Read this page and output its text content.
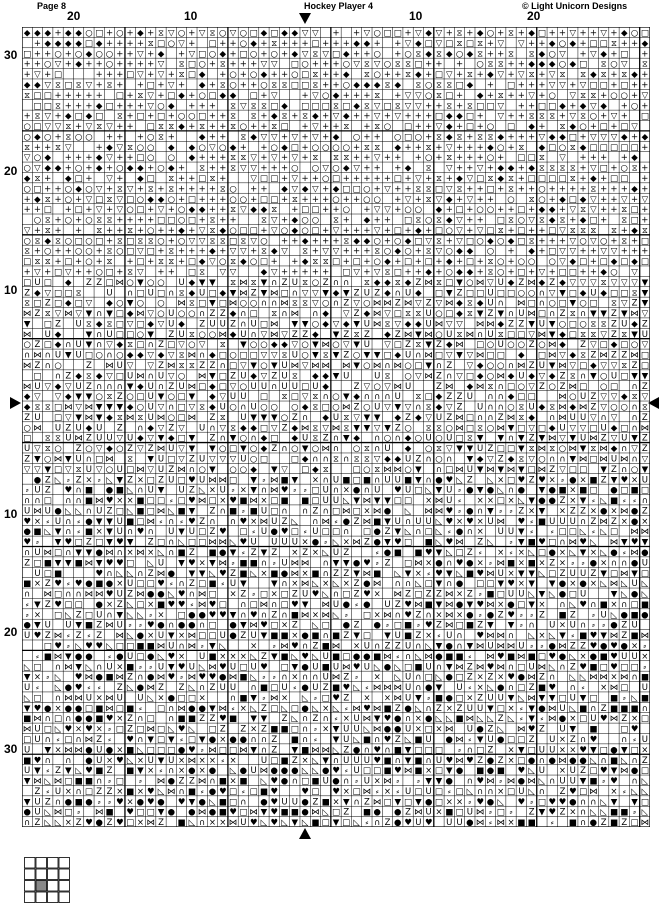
Page 8	Hockey Player 4	© Light Unicorn Designs
20	10	10	20
30
20
10
10
20
30
◆ ◆ ◆ + ◆ ◆ ○ □ + ○ + ◆ + ⧖ ▽ ○ + ▽ ⧖ ○ ▽ ○ □ ◆ □ ◆ ◆ ▽ ▽ + + ▽ ○ □ □ + ▽ ◆ ▽ + ⧖ + ◆ ○ + ⧖ + ◆ □ + + ▽ + + ▽ + ◆ ○ □
+ ◆ ◆ ◆ ◆ □ ◆ + + + + ⧖ □ ○ ▽ + □ + + ○ ◆ + ⧖ + + + □ + + + ◆ ◆ + + ▽ ◆ □ ▽ □ ⧖ □ ⧖ + ▽ ▽ + + ◆ ○ ◆ + □ □ ⧖ + + ◆
□ + + ○ + ○ ◆ ○ ○ + + ▽ + ◆ + ▽ □ ○ ◆ + □ ○ + ○ + ◆ ▽ ⧖ ▽ □ ◆ + + ○ + ○ ⧖ ◆ ⧖ ◆ ○ ◆ ⧖ + + ⧖ ⧖ ◆ ○ ▽ + ▽ ◆ + □ +
+ + ○ ▽ + ◆ + + ○ + + + + ▽ ⧖ □ ○ + ⧖ + + + ▽ ▽ □ ○ + + + ○ ▽ ⧖ ▽ ○ ⧖ ⧖ □ + + + ○ ⧖ ⧖ + + ◆ ◆ ◆ ○ ◆ □ ⧖ ○ ▽ ⧖
+ ▽ + □	+ + + □ ▽ + ▽ + ⧖ □ ◆ + ○ + ○ ◆ + + ○ □ ⧖ + + ◆ ⧖ ○ + + ⧖ ◆ + □ ▽ + ⧖ + ◆ ▽ + ▽ ⧖ + ▽ ⧖ ⧖ ◆ ⧖ + ⧖ ◆ +
◆ ◆ ▽ ⧖ □ ⧖ ▽ + ⧖ + + □ + ▽ + ◆ + ⧖ ○ + + ○ ⧖ ⧖ □ □ ⧖ + + ○ ◆ ◆ ◆ ⧖ ◆ ⧖ ○ ⧖ ⧖ □ ◆ + □ + + + ▽ ▽ + ▽ □ □ + □ + +
⧖ □ □ + + + + + □ + ⧖ ▽ + □ ◆ + ○ □ ◆ ◆ □ + ▽	+ ▽ ○ ◆ + + + ⧖ + ▽ ▽ ○ ⧖ □ + ◆ + ⧖ + + ▽ + ○ ▽ ⧖ ⧖ + ○ ○ + ▽
□ □ ⧖ + + + ◆ □ + + + ▽ ○ ◆ + + + ⧖ ▽ ⧖ ⧖ □ ◆ □ □ □ ⧖ □ ◆ ⧖ ▽ □ ⧖ ▽ ▽ + + ⧖ + ⧖ □ □ ▽ + + □ □ ◆ + ◆ ▽ ◆ + ○ +
+ ⧖ ▽ + ◆ □ ◆ □ ⧖ + □ + □ + ○ ○ □ + + ⧖ ⧖ + ◆ ⧖ + ⧖ ◆ + ▽ ◆ + + ▽ + ▽ + + + □ ◆ ◆ □ + ▽ + + ⧖ ⧖ ⧖ + ▽ ⧖ ○ + ▽ + □
○ □ ▽ ▽ ⧖ + ▽ ⧖ ▽ + + □ ⧖ ⧖ ◆ + ⧖ + + ⧖ ○ + + ⧖ □ + ▽ + + ⧖ + ⧖ ○ □ + + ▽ ◆ + □ + ○ □ ◆ + ⧖ ◆ ○ + □ + □ ▽
○ ◆ ○ + ⧖ ○ ○ + + + ○ ⧖ +	◆ + + ⧖ ◆ ▽ ▽ + ▽ + ▽ + ◆ ○ + + ○ □ ○ + ⧖ ◆ ⧖ + ⧖ ⧖ ◆ + + + ▽ ◆ ◆ □ + ▽ ▽ ▽ ◆ + ◆
⧖ + + ⧖ ▽	+ ◆ ▽ ⧖ ○ ○ ◆ ◆ ○ ▽ ○ ◆ + + ○ ◆ □ + ○ ○ ○ ○ + ⧖ ⧖ ◆ + + ⧖ + ▽ + + + ◆ ○ + ⧖ ◆ □ ○ ⧖ ◆ □ □ □ □ □ +
▽ ○ ◆ + + + ◆ ▽ + + □ ○ ○ ◆ + + + ⧖ ⧖ ▽ + ▽ + ▽ + ⧖ ⧖ ⧖ + + ▽ + + + ○ + ⧖ + + + ○ + □ □ ⧖ ▽ + + + + ◆
○ ▽ ◆ ◆ + ○ + ◆ + ○ ◆ ◆ + ○ ◆ + ⧖ + + ⧖ ▽ ▽ + + + ○ ○ ▽ ○ ◆ ▽ + + + ◆ ⧖ ▽ + + ▽ + ◆ ◆ + ◆ ⧖ ⧖ ⧖ ⧖ + ▽ □ + ○ ⧖ +
◆ ⧖ + ◆ □ + ▽ + ◆ □ ⧖ + + □ ⧖ +	▽ □ □ + ▽ + + ○ □ + + + + + □ + ▽ + ⧖ + ◆ ▽ □ ⧖ ◆ ⧖ + □ □ □ □ ⧖ + ◆ + □ □ +
○ □ + + ○ ◆ ○ ▽ + ⧖ ▽ + ⧖ + ⧖ + + + + ⧖ ○ + + ◆ ▽ ◆ ▽ + ◆ □ □ ○ + ▽ + + ⧖ ⧖ □ ▽ ⧖ + + □ + ⧖ + + ○ + + + + ⧖ + + + ◆ +
+ ◆ ⧖ + ○ + ▽ □ ⧖ ▽ □ ○ ◆ ◆ ○ + □ + + + ○ ○ + □ □ + ⧖ + + + ○ + + ○ ○ + ▽ + ⧖ ▽ ◆ + ▽ + + ○ ⧖ ○ + ◆ □ ◆ ▽ + + ▽ + ▽
+ + □ + □ + ▽ + ▽ ○ □ + ▽ + ○ ◆ ◆ + + ⧖ ▽ ◆ ◆ ⧖ + □ □ + + ○ + ▽ ▽ + ○ ○ ◆ + □ + ○ ○ + + □ + ◆ ◆ + ▽ ⧖ ▽ + + ⧖ □ +
○ ⧖ + ○ + ○ ⧖ ⧖ + + + + □ □ ○ □ + ⧖ + +	⧖ ▽ + ◆ ○ ○ ⧖ + ◆ + + □ ⧖ ○ ⧖ ◆ ▽ + + □ ⧖ ○ ▽ ⧖ ◆ ⧖ + ◆ □ + ⧖ □ +
▽ + ⧖ + + ⧖ + + ⧖ + ○ + + ◆ + ▽ ⧖ ◆ ○ □ □ + ▽ ○ ◆ ○ □ + ▽ + + + ▽ + □ + ◆ + □ ○ ▽ + ▽ □ ⧖ + □ + + □ ▽ ⧖ ⧖ ⧖ ⧖ + ◆ ⧖
○ ⧖ ◆ ⧖ ○ □ ○ □ + ⧖ □ ⧖ ⧖ ○ + ○ ▽ ▽ ⧖ ⧖ □ ⧖ ▽ ○ + + ◆ + + + ⧖ ◆ ◆ ○ + ○ ◆ □ ▽ ⧖ + ▽ □ ○ ◆ ○ ◆ □ ⧖ + + + ▽ ○ ▽ ○ + ⧖ + □
⧖ + ○ + + ○ ○ + ⧖ ○ □ ▽ □ + ⧖ + + + ◆ + ▽ ▽ + ⧖ ◆ ▽ ⧖ + ▽ ▽ + + + ⧖ ○ ◆ ○ + ⧖ ▽ ○ ◆ ◆ ○ + ◆ + □ ▽ ▽ + + ▽ ▽ + + +
□ ⧖ ⧖ + □ + ○ + ⧖ + □ + ⧖ ⧖ + □ ◆ ▽ ○ ⧖ ◆ ○ □ + + ◆ ⧖ ⧖ □ + □ + ○ ◆ + □ + □ + ◆ + □ + ⧖ ○ + ○ ○ ○ ▽ ◆ □ + □ ◆ □ ◆ □
+ ▽ + □ ▽ + + ○ □ + ⧖ ▽ + + □ ⧖ ▽ ▽	◆ ▽ + + + + + □ ▽ + ▽ ⧖ □ + + ◆ + ○ ◆ ◆ + ⧖ ○ + □ + ▽ + □ □ + + ◆ ○ ▽
□ U □ ◆ Z Z □ ⋈ ○ ▼ ○ ○ U ◆ ▼ ▼ ⧖ ⋈ ⧖ ▼ ∩ Z U ⧖ ○ Z ∩ ∩ ⧖ ◆ ◆ ⧖ ◆ Z ⋈ ⧖ □ ▼ ○ ⋈ ▽ U ◆ Z ⋈ ◆ Z ◆ ▽ ▽ ▽ ⧖ ▽ ▽ ▽ ▼
Z ◆ ▽ □ □ ⧖	U ∩ □ U □ ∩ ⧖ ◆ U □ ◆ ▼ ⋈ Z ▼ ⋈ □ ∩ ▽ ▽ ▼ ◆ ▼ Z U Z ◆ ∩ U ◆ □ ▼ Z □ □ U □ □ ○ ○ ∩ ▽ ▼ □ ◆ U ◆ □ □ ⧖ ▼
⧖ □ Z □ ◆ □ ▽ ◆ ○ ▼ ○ ○ ⋈ ⧖ □ ▼ □ ⋈ ○ ○ ∩ ∩ ⋈ ⧖ ⧖ ▽ ○ ∩ Z ▽ ○ ⋈ ⋈ Z ⋈ ▽ Z ▽ ⋈ ◆ ⧖ ◆ U ∩ ⋈ □ ∩ ○ □ ▼ ○ □ ⧖ ▽ Z ▼
⋈ Z ⧖ ▽ ⋈ ▽ ▼ ∩ ▼ □ ◆ ⋈ ▽ ○ U ○ ○ ∩ Z Z ◆ ∩ □ ⧖ ∩ ⋈ ∩ ◆ ▽ Z ◆ ⋈ ▽ □ ⧖ ⧖ U ○ □ ◆ ⧖ ▼ Z ▼ ∩ U ⋈ □ ∩ Z ⧖ ∩ ▼ ▼ Z ▼ ⋈ ▽
▼ □ Z U ⧖ ◆ ⧖ □ ▽ □ ◆ ▽ U ◆ Z U U Z ∩ U □ ⋈ ▼ ▼ ○ ◆ ▽ ◆ ▼ U ⋈ ⧖ ▽ ◆ ◆ U ⋈ ▽ ▽ ⋈ ⋈ ◆ Z Z ▼ U ▼ ○ □ ○ ⧖ ⧖ Z U ◆ Z
⋈ U ◆	▼ ∩ U □ □ ○ ▼ Z U ⧖ ○ ○ ⋈ ◆ U ∩ ▽ ⋈ ▽ Z Z ◆ ▼ Z ⧖ Z ◆ Z ⋈ ▼ ⋈ ○ U ⧖ ⋈ ∩ U ⧖ □ □ ▽ ⋈ ▼ ◆ □ ⧖ ⧖ ▽ Z ⧖ ▼ U
○ Z □ ◆ ∩ U ▼ ∩ ▽ ◆ ⧖ □ ∩ Z □ ▽ ○ ▽ ⧖ ▼ ○ ○ ◆ ◆ ▽ ○ ▼ ⋈ ○ ▽ ▼ U ▽ □ Z ⧖ ▼ Z ◆ ⋈ □ ○ U ○ ○ Z ○ ⋈ ◆ Z ▽ □ ◆ □ ○ ▽
∩ ⋈ ∩ U ▼ U □ ○ ∩ ○ ◆ ◆ ▽ ◆ ▽ ⧖ ⋈ ∩ ◆ □ ○ □ □ ▽ ▽ ⧖ U ○ ▼ ⧖ ▼ Z ○ ▼ ▼ □ ◆ U ∩ ⋈ □ ▽ ▼ ▽ ⋈ □ □ ◆ □ ⋈ ▽ ◆ ⧖ Z ⋈ Z Z ⋈ □
⋈ Z ∩ ○	Z ⋈ U ▽ ▽ Z ⋈ ⧖ ⧖ Z Z ∩ □ ▽ ▼ ○ ▼ U ⋈ ▽ ⋈ ⋈ ⋈ ▼ ○ ⋈ ∩ ⋈ ○ □ ▼ ∩ Z ▽ ◆ ○ ○ ∩ ⋈ Z U ▼ ⋈ ▽ □ ◆ ▽ ▽ ⧖ Z □
□ ∩ Z ◆ ⧖ ◆ ▽ □ U ⋈ ∩ U ▽ ○ ⋈ ▼ □ Z U ◆ ▽ Z U ⧖ ◆ ◆ ▼ U	U ⧖ ○ ▽ ⋈ Z ∩ ▽ □ ◆ ○ ⋈ ◆ U ◆ ▽ ◆ Z ⧖ ∩ ▼ ○ U □ ▼ ▼
⋈ U ▽ ◆ ▽ U Z ∩ ∩ ∩ ▼ ◆ U ∩ Z U ⋈ □ ◆ □ ▽ ○ U U ∩ U U □ U ◆	Z ▽ ○ ▽ ⋈ U	Z ⋈ ◆ ⋈ ⧖ ∩ □ ○ ▽ Z ○ Z ⋈ □ ○ □ ∩ Z
◆ ▽ ▽ ◆ ▼ ▼ ○ ⧖ Z ○ □ U ▼ ○ □ ▼ ◆ ▽ U U □ ⧖ □ ▽ ⧖ ∩ ○ ▼ ◆ ∩ ∩ ∩ U ⧖ □ ◆ Z Z U ∩ ∩ ◆ □ □	⋈ ○ U Z ▽ ▽ ◆ ⧖ ▽
◆ ⧖ ⧖ □ ⋈ ▽ ⋈ ▼ ▼ ▼ ◆ ○ U ▽ ∩ □ ▽ ⧖ ◆ U ○ ∩ U ○ ○ ○ ◆ ⧖ □ ○ ⋈ Z ○ U ▽ ▼ ▽ ∩ ⧖ ◆ ▽ Z U ∩ ∩ ○ ⧖ U ◆ ⧖ ⋈ ◆ ⋈ Z ▽ ○ ○ ∩ ⧖
Z U □ ▽ ▼ ⋈ ▼ ◆ ⧖ ⋈ ⧖ U ⋈ ○ □ ⋈ Z ⧖ U ▼ ▼ ▼ ○ Z ∩ ◆ U ⧖ ▽ ▼ ▼ ◆ Z ◆ ▽ U Z ⋈ □ ∩ ∩ Z ⋈ ⧖ ◆ ∩ ⋈ U U ▽ ∩ ▽ ∩ Z
○ ⋈ U Z U ◆ U Z ∩ ◆ ▽ Z ▽ U ∩ ▽ ⧖ ◆ ◆ □ ▽ Z ◆ ⋈ ⧖ ▽ ⋈ ⧖ ▼ ▼ ▽ ▼ Z ○ ⧖ ⧖ ○ ⋈ □ ⧖ ○ ⋈ ▼ □ ▽ □ ◆ U ▽ ▽ □ U ◆ □ ∩ ⋈
□ ⧖ ⧖ U ⋈ Z U U ▽ U ◆ ▽ ▼ ◆ □ ▼ Z ∩ ▼ ○ ∩ ◆ □ ◆ U ⧖ Z ∩ ▼ ◆ ∩ ○ ∩ ◆ ○ U ○ U □ ⧖ ▼ ▼ ∩ ▼ Z ▼ ⋈ ▽ ▼ U ⋈ Z ▽ U ▼ Z
U ▽ ⧖ ○ Z ○ ▽ ◆ ○ Z ▽ Z ⋈ U ▽ ▼ ▼ ○ □ ▼ ○ ◆ Z ∩ ○ ▼ ○ ⋈ ∩ ○ ⧖ ∩ U ◆ ○ ⧖ ▽ ▼ ▼ U Z □ □ ▼ ⧖ ⋈ ⧖ ○ ⋈ ▼ ⧖ ⋈ ◆ ∩ ▽ Z
Z ▼ ○ ⋈ ▼ U ∩ □ ⋈ ⧖ ▼ U □ ▽ Z U ▽ ▽ ▽ U ○ □	□ ◆ ∩ ∩ ⧖ ∩ ⧖ ⧖ ▽ ◆ ◆ U Z ∩ ○ ∩ ▼ ◆ ▽ Z ◆ ⧖ ▽ ○ ∩ ∩ ▼ ⋈ □ ⋈ U ⋈ ∩ ▽
▽ ▽ ▼ □ ▽ ⧖ U ▽ ○ U □ ⋈ ▽ U Z ⋈ ∩ ○ ▼ ○ ○ ◆ ▼ ▽ □ ◆ ⧖	□ ○ ⧖ ⋈ ⋈ ○ ▼ ∩ □ ⋈ U ▼ ⋈ ▼ ⋈ ▼ □ ⋈ Z ▽ □ □ ▼ Z ∩ ○ ▼
● Z ◺ ⸗ Z × ⸗ ◺ ▼ Z × □ Z U □ ♥ U ⋈ ⋈ □ ▼ ⸗ ⋈ ■ ▼ × ∩ U ■ □ ■ ∩ U U ■ ▼ ∩ ● ♥ ◺ Z ◺ × □ ♥ Z ♥ × ⸗ ● × ■ Z ▼ ♥ × U
⸗ U Z ♥ ∩ ■ ● ■ ◺ ∩ U ▼ U Z ◺ × U ⸗ × ▼ ∩ ⋈ ♥ ⸗ ⸗ □ U ∩ × ● ∩ U ♥ U □ ◺ ▼ U ⸗ ● ▼ ● ◺ ∩ ● ▼ ● ■ × ■ □ ● □ ■ □
∩ ∩ □ ∩ ∩ ■ ⋈ ♥ × × ■ □ □ ⸗ □ ♥ ⋈ □ × ♥ ■ ⋈ × □ ■ ■ □ U U ◺ ▼ ⋈ ▼ ▼ □ □ × ⋈ U ⸗ × × □ × ◺ ▼ ● ● Z × ▼ ⸗ ◺ ■ ⸗ ⸗ ∩
U ⋈ U ● ◺ ◺ ∩ U Z □ ◺ ■ □ ⋈ ◺ ■ ▼ Z ∩ ■ ⸗ ■ U □ ∩ ∩ Z ∩ □ ⋈ □ × ⋈ ● ◺ ⋈ ⋈ ♥ ⸗ ● ∩ ▼ ⸗ ⸗ Z × ▼ × Z Z × ● × ⋈ ● Z
♥ × ⸗ U ∩ ⸗ ● ▼ ▼ U ■ □ ⋈ ⸗ ∩ ⸗ ♥ Z ∩ ∩ ♥ × ⋈ U Z ◺ ∩ ⋈ ⸗ ● Z ⋈ ■ ▼ U ∩ U U ◺ ♥ × ♥ × U ⋈ ♥ ⸗ ■ U U U ∩ Z ⋈ Z × ● ×
● ■ ◺ ▼ ∩ ⸗ ■ × ▼ U ∩ ♥ ∩ U ▼ U □ Z ♥ □ ⸗ U ● ♥ □ ⸗ U □ □ ∩ □ ● Z ▼ ◺ ∩ □ ◺ ⸗ ● ∩ × U U ▼ ⸗ ⸗ □ □ ◺ ⸗ ◺ □ ⋈ ⋈
♥ ⸗ ▼ ♥ □ Z □ ▼ ♥ ▼ Z □ ∩ ◺ □ □ ⋈ ⋈ ◺ ♥ U U U U × ● ⸗ ◺ × ⋈ Z ● ▼ ♥ □ ■ ◺ ♥ ⋈ Z ◺ ⸗ ▼ ■ ♥ □ ∩ ⋈ ♥ ◺ ⋈ ▼ ♥ ▼
∩ U ⋈ □ ∩ ▼ ▼ ● ⋈ ∩ × ⋈ × ◺ ∩ ■ Z ■ ● ▼ ⸗ Z ▼ Z × Z × ◺ U Z	⸗ ● ■ ■ ♥ ▼ ◺ □ Z ⸗ × ⸗ × ◺ □ ● × ◺ ▼ × ◺ ● ⸗ ⋈ ●
Z □ ■ ▼ ▼ ■ ⋈ ▼ ♥ ♥ □ ◺ U ▼ ♥ × ▼ ⋈ ⸗ ■ ■ ∩ ⸗ U ⋈ ⋈ ∩ ▼ ▼ ● ♥ ⸗ Z □ ⋈ × ● ∩ ♥ ● × ⸗ ⋈ ■ × ■ × Z × ⸗ ⸗ ● × ∩ ∩ ● U
U □ ■	♥ ∩ ◺ ◺ ∩ Z ⋈ ● ▼ ▼ ◺ ♥ Z ■ ◺ × ■ ● ⋈ × ■ ∩ Z Z ▼ ⋈ ■ ◺ ▼ × ⸗ ♥ ▼ ◺ ■ ♥ ⋈ U × ▼ ▼ ◺ □ Z U U Z ▼ □ ⋈ ▼ □
■ × Z ♥ ⸗ ♥ ● ■ ● × U □ □ ♥ ⸗ ∩ Z □ ■ ⸗ U ▼	▼ ∩ × ⋈ ◺ × ◺ × Z ● ⋈ ∩ ∩ ◺ □ ▼ ∩ ● □ □ ▼ ♥ × ▼ ▼ ● × ● × ◺ ⋈ ◺ U ◺
∩ ⋈ □ ∩ ∩ ⋈ ⋈ ♥ U Z ⋈ ● ● ◺ ♥ ∩ ⋈ □ × Z ⸗ □ × □ Z U ♥ ◺ ∩ □ Z ♥ × ⋈ Z □ Z Z ⋈ × Z ⸗ ■ □ U U ◺ ▼ ◺ ● □ U	▼ ◺ ● ◺
⸗ ▼ Z ♥ □ □ ● × Z ◺ □ × ■ ♥ ♥ ⸗ ⋈ ♥ □ ∩ □ ⋈ ∩ □ ♥ ▼ ⋈ U ● ⸗ ● U Z ♥ ⋈ ■ ▼ ⋈ ● ▼ ♥ ⋈ × ● □ ▼ × ∩ ◺ ♥ ∩ ■ × ∩ □ ■
⸗ × □ ◺ Z □ U ∩ ▼ ◺ ◺ ⸗ × □ ● ● ♥ ♥ ▼ ∩ ♥ ∩ Z ∩ ■ ⋈ × ⋈ ◺ ⸗ □ × ⋈ ∩ ♥ Z ∩ × ⋈ × ● ⸗ ● Z ♥ ⸗ ⸗ Z ■ Z ⸗ U ◺ ● ■ ●
● ▼ U U ▼ ■ Z ⋈ U ⸗ ⸗ ♥ ● ∩ ● ● ∩ □ ● ▼ ⋈ ♥ □ × Z ◺ □ ● Z ● ⸗ □ ■ ⸗ ♥ Z ⋈ □ ■ Z ▼ ▼ ⸗ ∩ U × U ∩ ⸗ ⸗ ● Z U
U ♥ Z ⋈ ⸗ Z ⸗ Z ⋈ ◺ ● × U ▼ × ⋈ □ □ U ● Z U ▼ ■ ■ × ● ■ ∩ ■ Z ▼ □ ▼ U ■ Z × ⸗ U ∩ ♥ ⋈ ⋈ ∩ ◺ × ◺ ▼ ⸗ ■ ♥ ▼ ⋈ Z ■ ⋈
□ ♥ ⸗ ◺ ♥ ♥ ◺ □ □ ■ ■ ⋈ U ∩ ⋈ ⸗ ▼ ◺	× ⸗ ⋈ ♥ ∩ Z ■ ⋈ × U ∩ Z Z U ∩ ◺ ▼ ● ∩ ▼ ⋈ U ⋈ ⋈ U ⸗ ⸗ ● ⋈ Z Z ♥ ● ♥ ● × ⸗
⸗ ■ ⋈ ▼ ● ● ⸗ ● U □ ● ◺ ♥ × U ■ × × × ◺ Z ▼ ■ ◺ ♥ ◺ U ■ □ ● ● ■ ⋈ ⸗ ∩ ◺ ⋈ ● ■ ■ ⸗ ⋈ ♥ ■ ⋈ ■ □ ♥ ● ◺ × ● ■ ♥ U U ×
◺ □ ∩ ⋈ ▼ ◺ ∩ U × ■ ⸗ ⸗ U ▼ ♥ U ◺ ⋈ ♥ U □ U ♥ □ ▼ ● U ■ U ⋈ ♥ U ◺ ● ◺ □ ■ U ∩ ▼ ⋈ Z ⋈ ♥ ⋈ ∩ □ U ⋈ ◺ ∩ Z ♥ ■ □ ♥ □ □ ⸗
▼ × ⸗ ◺ ♥ ⋈ ● ■ ⋈ Z ∩ ● ⋈ ♥ ⸗ ⋈ ♥ ♥ ● ⋈ ■ ◺ ⸗ ⸗ ∩ × ∩ ∩ U ⋈ Z ⸗ × ◺ U ∩ □ ◺ ● □ Z × Z × ♥ ● ⋈ Z ∩ ◺ ◺ ⋈ ⋈ × ⋈ ∩ ■
U ⸗ ◺ ● ♥ ⸗ ⸗ Z ◺ ● ⋈ Z Z ◺ ∩ Z U U ∩ ■ □ U ⸗ ● U Z ■ ♥ ◺ ⸗ ⋈ ⋈ ⋈ U ∩ ● ▼ U ⸗ × ◺ ● ∩ □ Z ■ ♥ ∩ ⸗ × ⋈ □ U
◺ □ ∩ ⋈ ⋈ U × ⋈ U U ◺ × ● □ □ ×	∩ ■ ▼ ⸗ ⋈ × ◺ ⸗ □ ♥ Z × × ⋈ U ▼ ⸗ ■ ● □ × Z U U ▼ ◺ ⋈ ▼ ▼ □ U ▼ □ ■ ⸗ ◺ ■
▼ ♥ ● × ● ● □ ■ ⋈ □ ■ ⸗ □ ∩ ⋈ ● ● ▼ ⋈ ⸗ × ◺ Z □ ◺ □ ● ◺ × ◺ ⸗ ⋈ ♥ ⋈ ■ Z ● ◺ ∩ Z × Z U U ▼ □ × ⸗ ▼ ● ⋈ U ◺ ■ ∩ Z ■ ■ ■ ∩
■ ⋈ ∩ □ ∩ ● ● ■ ♥ × Z ∩ □ ∩ ■ ■ Z Z ♥ ■ ▼ ▼ Z ◺ ∩ Z ∩ ⸗ × U ⋈ ▼ ♥ ● ∩ × ● ◺ ◺ ■ ⋈ ◺ ◺ Z ◺ ⸗ ▼ ⸗ ⋈ ● × □ U ♥ ⋈ Z × □
⋈ U □ ◺ ♥ × ♥ × ⸗ □ Z □ ⋈ □ ◺ ♥ ◺ □ Z Z × Z ■ ■ □ ∩ ⸗ × ▼ U U ◺ ⋈ ● ● U × □ × ⋈ U ● Z ◺ ⋈ ♥ Z U ▼ ■	□ ♥
□ U ∩ ⸗ □ ∩ ⋈ Z ⸗ ♥ ∩ ▼ □ ▼ ⸗ □ ▼ ● × ● ● ∩ ∩ Z ■ ∩ ⸗ ▼ U ◺ ■ ∩ ♥ Z ◺ ■ U ● ⋈ ⸗ ▼ U ● □ □ Z U × Z ∩ ♥	∩ ⸗ U
U ▼ × ⋈ ⋈ ● U ● × ■ ◺ □ □ □ ● ♥ ⸗ ⋈ □ □ ⋈ ▼ ∩ Z ▼ ■ ⋈ ⋈ ◺ Z ● ∩ ♥ ∩ ■ ▼ □ □ □ ⸗ ∩ □ Z × ▼ □ U U × × ♥ ▼ □ ● ▼ □ ×
■ ♥ ∩ ∩ ● U × ♥ ◺ × U ▼ U × ⋈ × × ⸗ ×	U □ ■ Z × ◺ ▼ ∩ U U U ♥ ■ ∩ ▼ ■ ∩ U ♥ ⋈ ♥ Z ● Z × □ ● ∩ ● ⋈ ● ● ◺ ∩ ■ ◺ ∩ Z
U ▼ ⸗ Z ▼ ◺ ♥ ■ Z ■ ▼ × ⸗ ∩ × ● × ● ◺ ● U ⋈ ● ● ● ◺ ◺ ● ♥ ⸗ U □ □ ■ ♥ ⋈ ■ × □ ▼ ● ■ ● ■ ♥ ◺ U × U Z □ ♥ ▼ ⋈ ● □
▼ ⋈ ◺ ⋈ □ ■ ■ ∩ ⸗ □ ⸗ ⋈ ● Z Z ⋈ ∩ ■ × ■ ◺ ♥ ● ∩ □ ■ U ● ∩ ⸗ U × ⋈ ⸗ ⸗ ▼ ▼ ● ∩ ♥ ⋈ ⸗ ⋈ ● ⋈ ◺ ∩ U U ▼ ■ ⸗ ♥ ∩ ◺
Z ⸗ U × ∩ □ Z Z × ■ × ♥ ◺ ⋈ ∩ ■ ⸗ ● ♥ □ ⸗ □ ■ ♥	♥ □ ♥ × □ ⋈ ⸗ × ⸗ U □ U □ ⸗ □ ◺ ∩ ∩ × □ U ◺ ∩ Z ♥ □ ⋈ × ⸗ ◺ ◺
▼ U Z ∩ ● ■ ● ⸗ ⸗ ♥ × ● ♥ ● ♥ ▼ ● ◺ ■ □ ∩ ● ♥ U U ● Z ■ × ▼ ∩ Z ⋈ □ ▼ □ ▼ ● □ × × ⸗ ♥ ● ◺ ♥ ⸗ □ ♥ ♥ ● ∩ ∩ ◺ ▼ ▼ □
● U ◺ ⋈ □ ⸗ ⋈ ■ ♥ □ □ ▼ ● ● ⋈ ● ■ ♥ □ ⋈ ▼ ♥ ■ ■ ● ⋈ ◺ □ Z ■ ● ● Z ⋈ U × ■ □ U ⋈ ⸗ □ ⸗ Z ▼ ♥ Z × ∩ ◺ ◺ ■ ■ ⸗ ◺
∩ Z ◺ ◺ × Z ♥ ● Z ♥ □ × ⋈ Z ■ ◺ ∩ × × ⋈ U ♥ ◺ ♥ ◺ ▼ ◺ ■ □ ▼ □ ◺ ⸗ ∩ Z ● ♥ U ♥ U U ● ⋈ ⸗ ⋈ × ■ ■ ⸗ ■ ∩ ● Z ■ Z □ ⋈
